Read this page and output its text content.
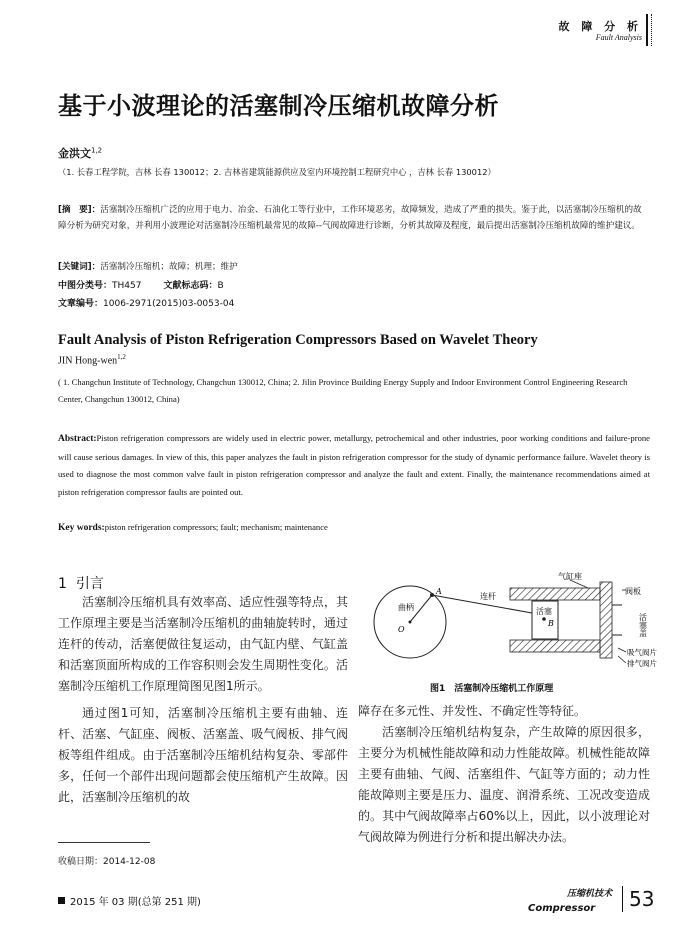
故 障 分 析
Fault Analysis
基于小波理论的活塞制冷压缩机故障分析
金洪文$^{1,2}$
（1. 长春工程学院，吉林 长春 130012；2. 吉林省建筑能源供应及室内环境控制工程研究中心 ，吉林 长春 130012）
[摘　要]：活塞制冷压缩机广泛的应用于电力、冶金、石油化工等行业中，工作环境恶劣，故障频发，造成了严重的损失。鉴于此，以活塞制冷压缩机的故障分析为研究对象，并利用小波理论对活塞制冷压缩机最常见的故障--气阀故障进行诊断，分析其故障及程度，最后提出活塞制冷压缩机故障的维护建议。
[关键词]：活塞制冷压缩机；故障；机理；维护
中图分类号：TH457 文献标志码：B
文章编号：1006-2971(2015)03-0053-04
Fault Analysis of Piston Refrigeration Compressors Based on Wavelet Theory
JIN Hong-wen$^{1,2}$
( 1. Changchun Institute of Technology, Changchun 130012, China; 2. Jilin Province Building Energy Supply and Indoor Environment Control Engineering Research Center, Changchun 130012, China)
Abstract:Piston refrigeration compressors are widely used in electric power, metallurgy, petrochemical and other industries, poor working conditions and failure-prone will cause serious damages. In view of this, this paper analyzes the fault in piston refrigeration compressor for the study of dynamic performance failure. Wavelet theory is used to diagnose the most common valve fault in piston refrigeration compressor and analyze the fault and extent. Finally, the maintenance recommendations aimed at piston refrigeration compressor faults are pointed out.
Key words:piston refrigeration compressors; fault; mechanism; maintenance
1 引言

活塞制冷压缩机具有效率高、适应性强等特点，其工作原理主要是当活塞制冷压缩机的曲轴旋转时，通过连杆的传动，活塞便做往复运动，由气缸内壁、气缸盖和活塞顶面所构成的工作容积则会发生周期性变化。活塞制冷压缩机工作原理简图见图1所示。

通过图1可知，活塞制冷压缩机主要有曲轴、连杆、活塞、气缸座、阀板、活塞盖、吸气阀板、排气阀板等组件组成。由于活塞制冷压缩机结构复杂、零部件多，任何一个部件出现问题都会使压缩机产生故障。因此，活塞制冷压缩机的故

气缸座
阀板
曲柄
连杆
活塞
A
B
O	活塞盖
吸气阀片
排气阀片
图1　活塞制冷压缩机工作原理

障存在多元性、并发性、不确定性等特征。

活塞制冷压缩机结构复杂，产生故障的原因很多，主要分为机械性能故障和动力性能故障。机械性能故障主要有曲轴、气阀、活塞组件、气缸等方面的；动力性能故障则主要是压力、温度、润滑系统、工况改变造成的。其中气阀故障率占60%以上，因此，以小波理论对气阀故障为例进行分析和提出解决办法。

收稿日期：2014-12-08
2015 年 03 期(总第 251 期)
压缩机技术
Compressor	53
